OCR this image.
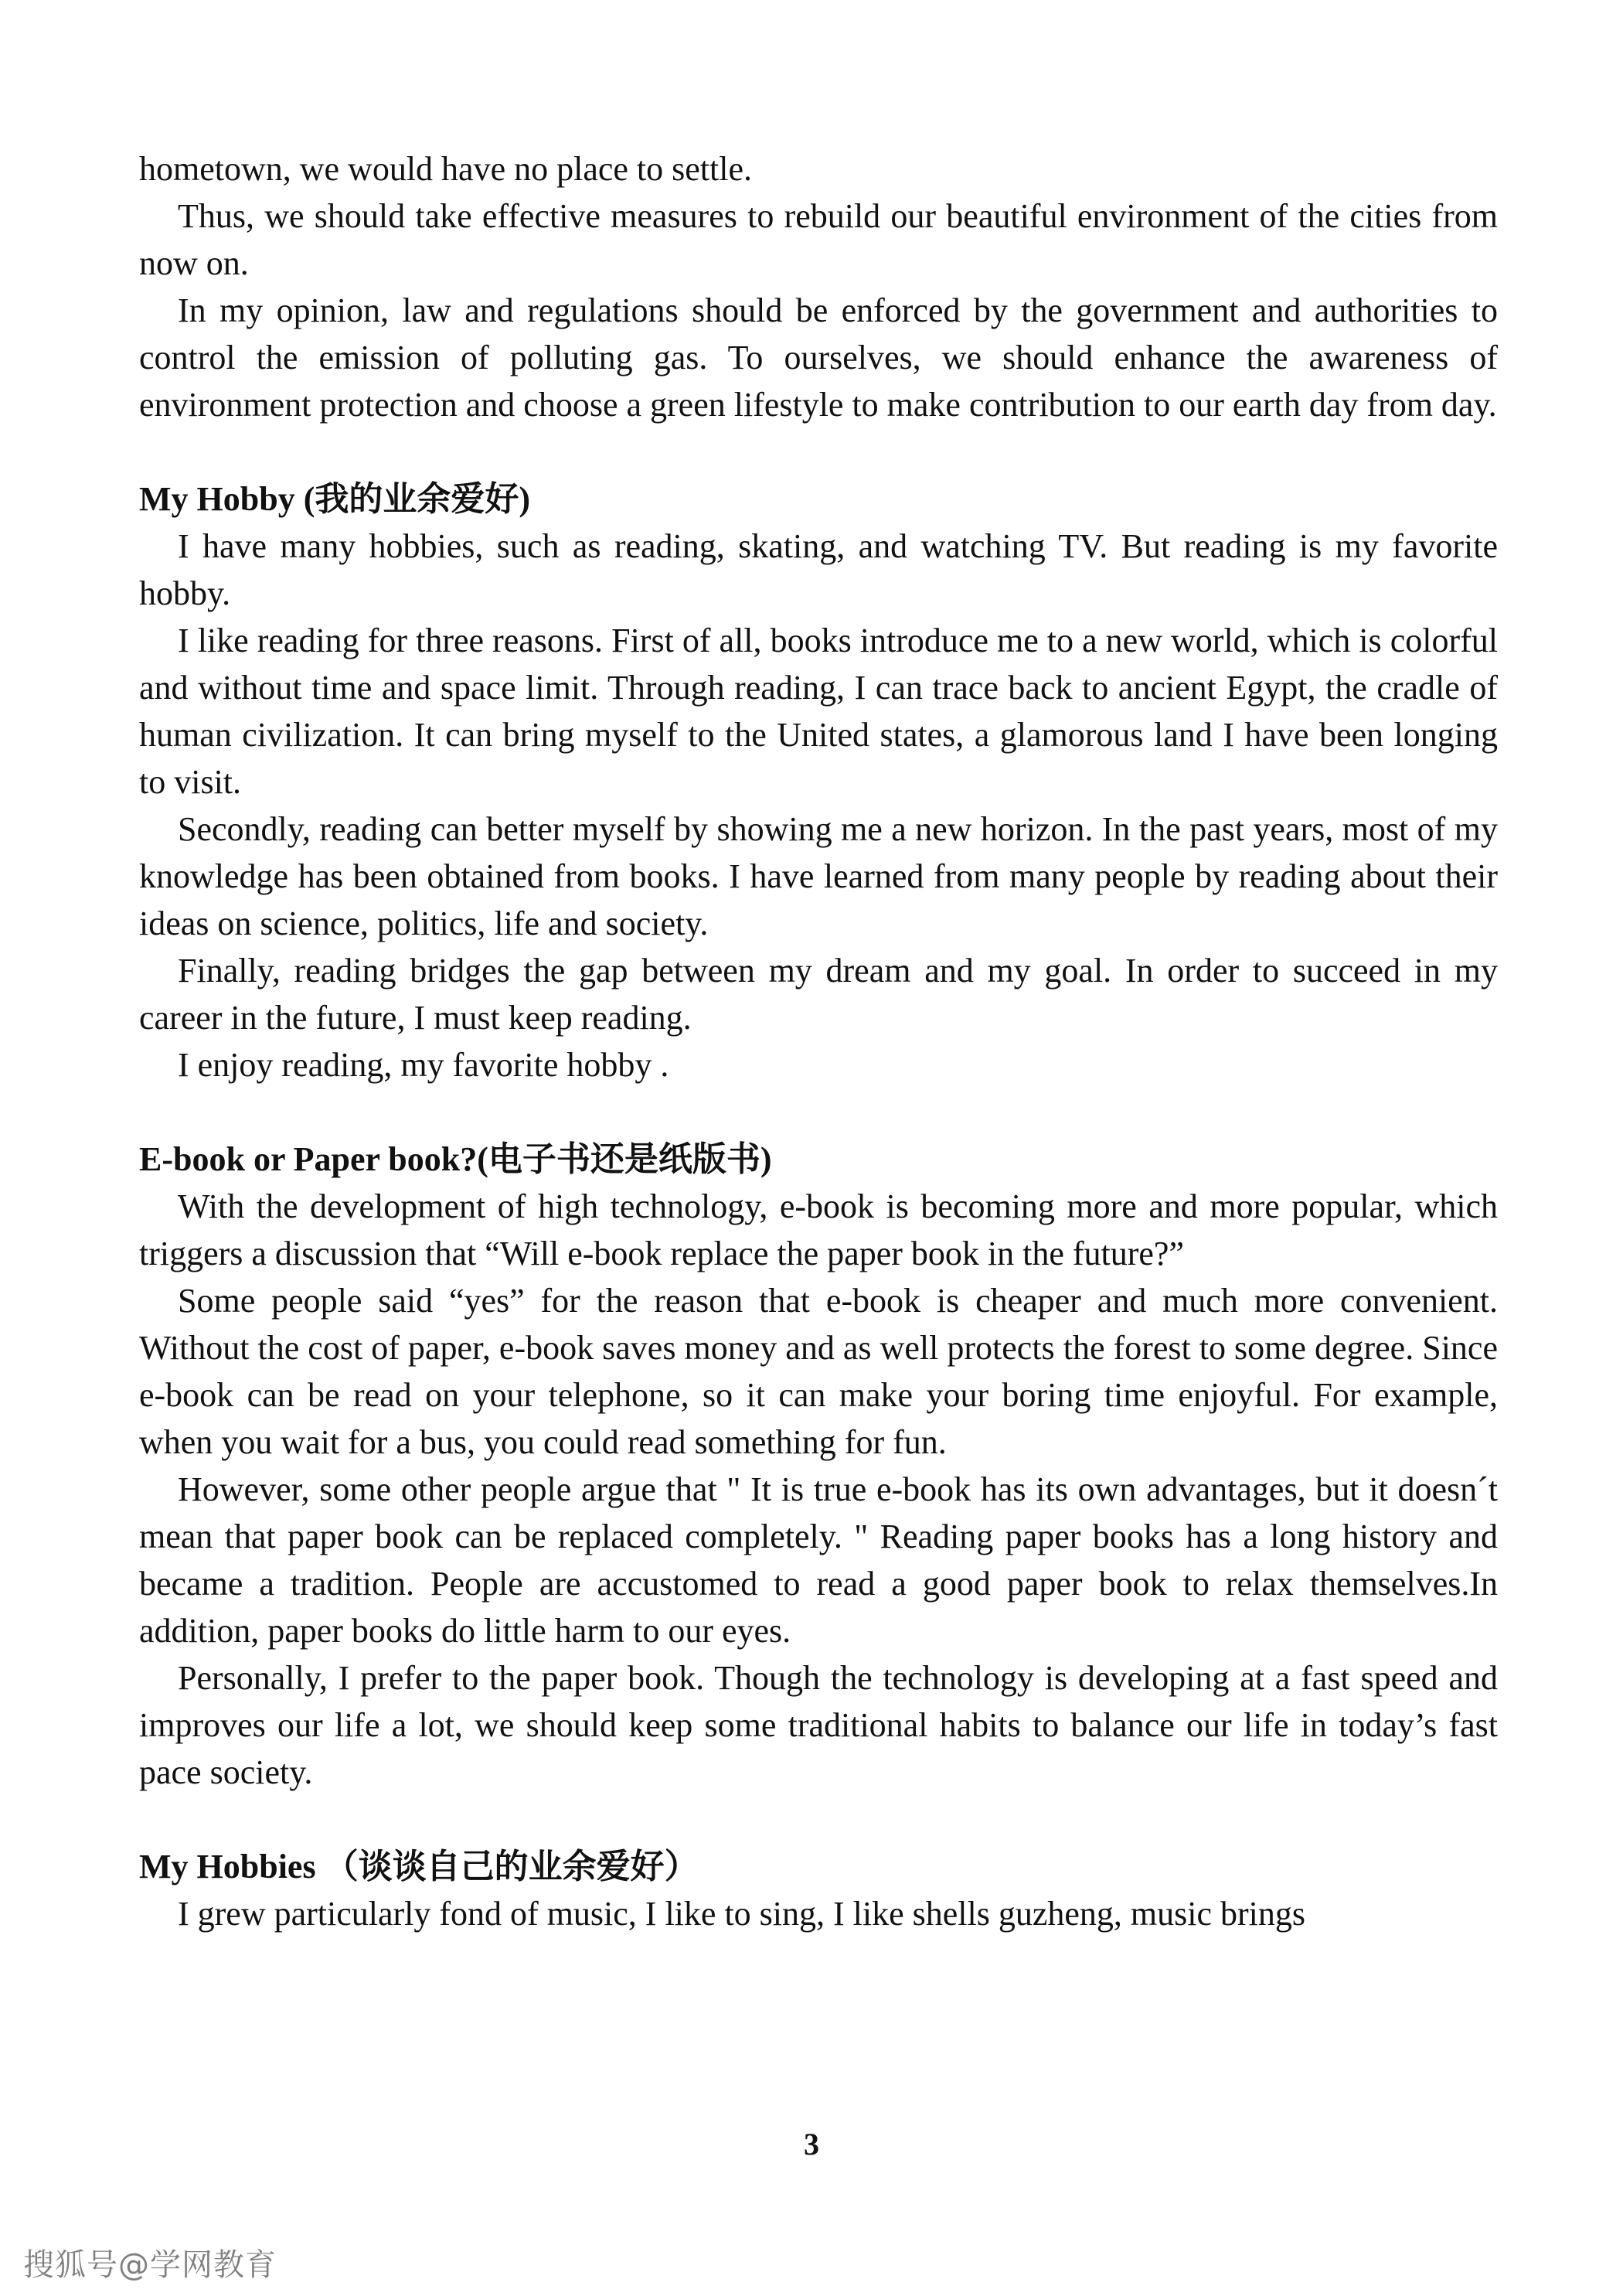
hometown, we would have no place to settle.

Thus, we should take effective measures to rebuild our beautiful environment of the cities from now on.

In my opinion, law and regulations should be enforced by the government and authorities to control the emission of polluting gas. To ourselves, we should enhance the awareness of environment protection and choose a green lifestyle to make contribution to our earth day from day.

My Hobby (我的业余爱好)

I have many hobbies, such as reading, skating, and watching TV. But reading is my favorite hobby.

I like reading for three reasons. First of all, books introduce me to a new world, which is colorful and without time and space limit. Through reading, I can trace back to ancient Egypt, the cradle of human civilization. It can bring myself to the United states, a glamorous land I have been longing to visit.

Secondly, reading can better myself by showing me a new horizon. In the past years, most of my knowledge has been obtained from books. I have learned from many people by reading about their ideas on science, politics, life and society.

Finally, reading bridges the gap between my dream and my goal. In order to succeed in my career in the future, I must keep reading.

I enjoy reading, my favorite hobby .

E-book or Paper book?(电子书还是纸版书)

With the development of high technology, e-book is becoming more and more popular, which triggers a discussion that “Will e-book replace the paper book in the future?”

Some people said “yes” for the reason that e-book is cheaper and much more convenient. Without the cost of paper, e-book saves money and as well protects the forest to some degree. Since e-book can be read on your telephone, so it can make your boring time enjoyful. For example, when you wait for a bus, you could read something for fun.

However, some other people argue that " It is true e-book has its own advantages, but it doesn´t mean that paper book can be replaced completely. " Reading paper books has a long history and became a tradition. People are accustomed to read a good paper book to relax themselves.In addition, paper books do little harm to our eyes.

Personally, I prefer to the paper book. Though the technology is developing at a fast speed and improves our life a lot, we should keep some traditional habits to balance our life in today’s fast pace society.

My Hobbies （谈谈自己的业余爱好）

I grew particularly fond of music, I like to sing, I like shells guzheng, music brings

3
搜狐号@学网教育
